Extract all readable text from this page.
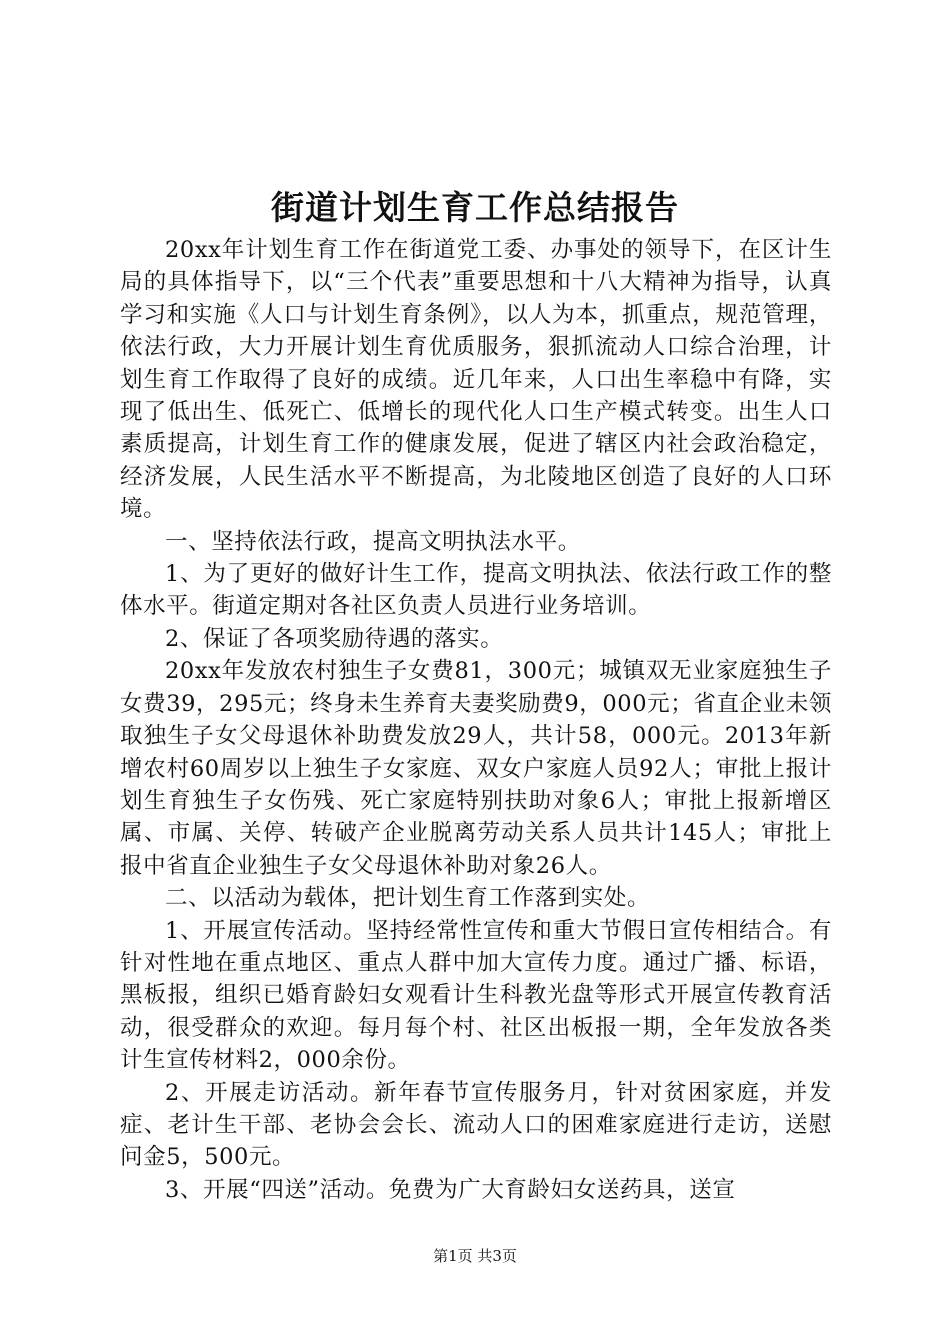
街道计划生育工作总结报告

20xx年计划生育工作在街道党工委、办事处的领导下，在区计生局的具体指导下，以“三个代表”重要思想和十八大精神为指导，认真学习和实施《人口与计划生育条例》，以人为本，抓重点，规范管理，依法行政，大力开展计划生育优质服务，狠抓流动人口综合治理，计划生育工作取得了良好的成绩。近几年来，人口出生率稳中有降，实现了低出生、低死亡、低增长的现代化人口生产模式转变。出生人口素质提高，计划生育工作的健康发展，促进了辖区内社会政治稳定，经济发展，人民生活水平不断提高，为北陵地区创造了良好的人口环境。

一、坚持依法行政，提高文明执法水平。

1、为了更好的做好计生工作，提高文明执法、依法行政工作的整体水平。街道定期对各社区负责人员进行业务培训。

2、保证了各项奖励待遇的落实。

20xx年发放农村独生子女费81，300元；城镇双无业家庭独生子女费39，295元；终身未生养育夫妻奖励费9，000元；省直企业未领取独生子女父母退休补助费发放29人，共计58，000元。2013年新增农村60周岁以上独生子女家庭、双女户家庭人员92人；审批上报计划生育独生子女伤残、死亡家庭特别扶助对象6人；审批上报新增区属、市属、关停、转破产企业脱离劳动关系人员共计145人；审批上报中省直企业独生子女父母退休补助对象26人。

二、以活动为载体，把计划生育工作落到实处。

1、开展宣传活动。坚持经常性宣传和重大节假日宣传相结合。有针对性地在重点地区、重点人群中加大宣传力度。通过广播、标语，黑板报，组织已婚育龄妇女观看计生科教光盘等形式开展宣传教育活动，很受群众的欢迎。每月每个村、社区出板报一期，全年发放各类计生宣传材料2，000余份。

2、开展走访活动。新年春节宣传服务月，针对贫困家庭，并发症、老计生干部、老协会会长、流动人口的困难家庭进行走访，送慰问金5，500元。

3、开展“四送”活动。免费为广大育龄妇女送药具，送宣

第1页 共3页
